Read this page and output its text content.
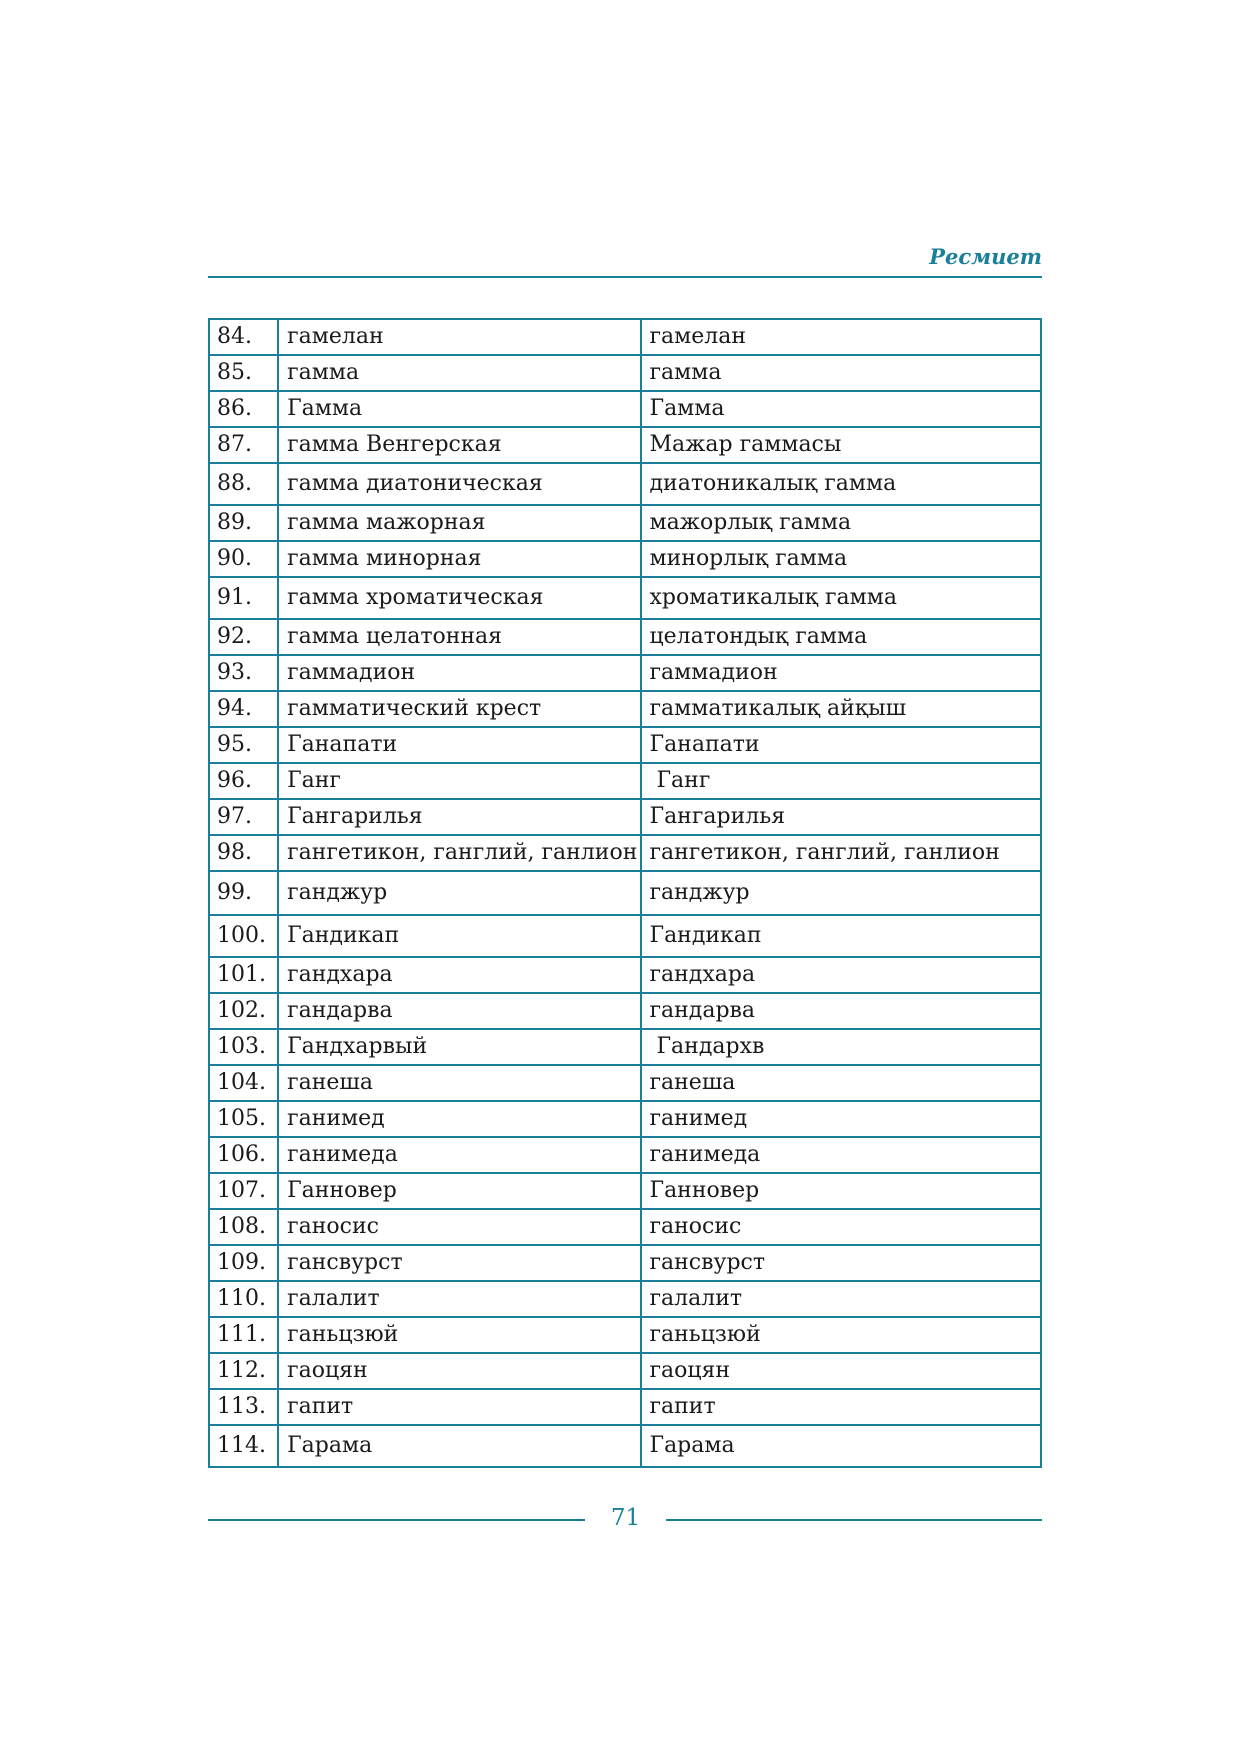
Ресмиет
84.	гамелан	гамелан
85.	гамма	гамма
86.	Гамма	Гамма
87.	гамма Венгерская	Мажар гаммасы
88.	гамма диатоническая	диатоникалық гамма
89.	гамма мажорная	мажорлық гамма
90.	гамма минорная	минорлық гамма
91.	гамма хроматическая	хроматикалық гамма
92.	гамма целатонная	целатондық гамма
93.	гаммадион	гаммадион
94.	гамматический крест	гамматикалық айқыш
95.	Ганапати	Ганапати
96.	Ганг	Ганг
97.	Гангарилья	Гангарилья
98.	гангетикон, ганглий, ганлион	гангетикон, ганглий, ганлион
99.	ганджур	ганджур
100.	Гандикап	Гандикап
101.	гандхара	гандхара
102.	гандарва	гандарва
103.	Гандхарвый	Гандархв
104.	ганеша	ганеша
105.	ганимед	ганимед
106.	ганимеда	ганимеда
107.	Ганновер	Ганновер
108.	ганосис	ганосис
109.	гансвурст	гансвурст
110.	галалит	галалит
111.	ганьцзюй	ганьцзюй
112.	гаоцян	гаоцян
113.	гапит	гапит
114.	Гарама	Гарама
71
